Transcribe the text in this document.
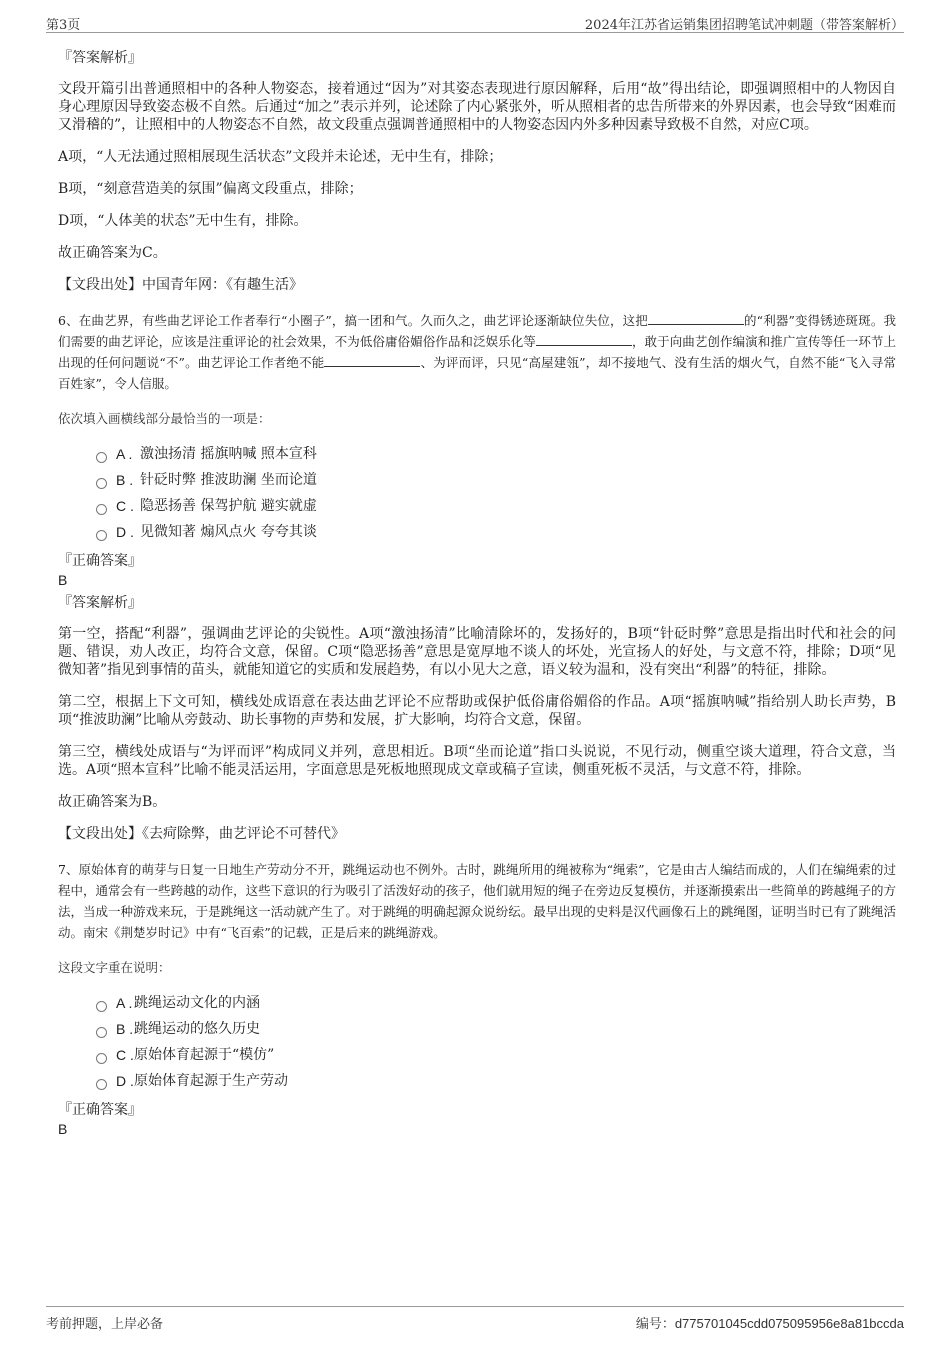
第3页	2024年江苏省运销集团招聘笔试冲刺题（带答案解析）
『答案解析』

文段开篇引出普通照相中的各种人物姿态，接着通过“因为”对其姿态表现进行原因解释，后用“故”得出结论，即强调照相中的人物因自身心理原因导致姿态极不自然。后通过“加之”表示并列，论述除了内心紧张外，听从照相者的忠告所带来的外界因素，也会导致“困难而又滑稽的”，让照相中的人物姿态不自然，故文段重点强调普通照相中的人物姿态因内外多种因素导致极不自然，对应C项。

A项，“人无法通过照相展现生活状态”文段并未论述，无中生有，排除；

B项，“刻意营造美的氛围”偏离文段重点，排除；

D项，“人体美的状态”无中生有，排除。

故正确答案为C。

【文段出处】中国青年网：《有趣生活》

6、在曲艺界，有些曲艺评论工作者奉行“小圈子”，搞一团和气。久而久之，曲艺评论逐渐缺位失位，这把	的“利器”变得锈迹斑斑。我们需要的曲艺评论，应该是注重评论的社会效果，不为低俗庸俗媚俗作品和泛娱乐化等	，敢于向曲艺创作编演和推广宣传等任一环节上出现的任何问题说“不”。曲艺评论工作者绝不能	、为评而评，只见“高屋建瓴”，却不接地气、没有生活的烟火气，自然不能“飞入寻常百姓家”，令人信服。

依次填入画横线部分最恰当的一项是：

A . 激浊扬清 摇旗呐喊 照本宣科
B . 针砭时弊 推波助澜 坐而论道
C . 隐恶扬善 保驾护航 避实就虚
D . 见微知著 煽风点火 夸夸其谈
『正确答案』

B

『答案解析』

第一空，搭配“利器”，强调曲艺评论的尖锐性。A项“激浊扬清”比喻清除坏的，发扬好的，B项“针砭时弊”意思是指出时代和社会的问题、错误，劝人改正，均符合文意，保留。C项“隐恶扬善”意思是宽厚地不谈人的坏处，光宣扬人的好处，与文意不符，排除；D项“见微知著”指见到事情的苗头，就能知道它的实质和发展趋势，有以小见大之意，语义较为温和，没有突出“利器”的特征，排除。

第二空，根据上下文可知，横线处成语意在表达曲艺评论不应帮助或保护低俗庸俗媚俗的作品。A项“摇旗呐喊”指给别人助长声势，B项“推波助澜”比喻从旁鼓动、助长事物的声势和发展，扩大影响，均符合文意，保留。

第三空，横线处成语与“为评而评”构成同义并列，意思相近。B项“坐而论道”指口头说说，不见行动，侧重空谈大道理，符合文意，当选。A项“照本宣科”比喻不能灵活运用，字面意思是死板地照现成文章或稿子宣读，侧重死板不灵活，与文意不符，排除。

故正确答案为B。

【文段出处】《去疴除弊，曲艺评论不可替代》

7、原始体育的萌芽与日复一日地生产劳动分不开，跳绳运动也不例外。古时，跳绳所用的绳被称为“绳索”，它是由古人编结而成的，人们在编绳索的过程中，通常会有一些跨越的动作，这些下意识的行为吸引了活泼好动的孩子，他们就用短的绳子在旁边反复模仿，并逐渐摸索出一些简单的跨越绳子的方法，当成一种游戏来玩，于是跳绳这一活动就产生了。对于跳绳的明确起源众说纷纭。最早出现的史料是汉代画像石上的跳绳图，证明当时已有了跳绳活动。南宋《荆楚岁时记》中有“飞百索”的记载，正是后来的跳绳游戏。

这段文字重在说明：

A . 跳绳运动文化的内涵
B . 跳绳运动的悠久历史
C . 原始体育起源于“模仿”
D . 原始体育起源于生产劳动
『正确答案』

B

考前押题，上岸必备	编号：d775701045cdd075095956e8a81bccda
